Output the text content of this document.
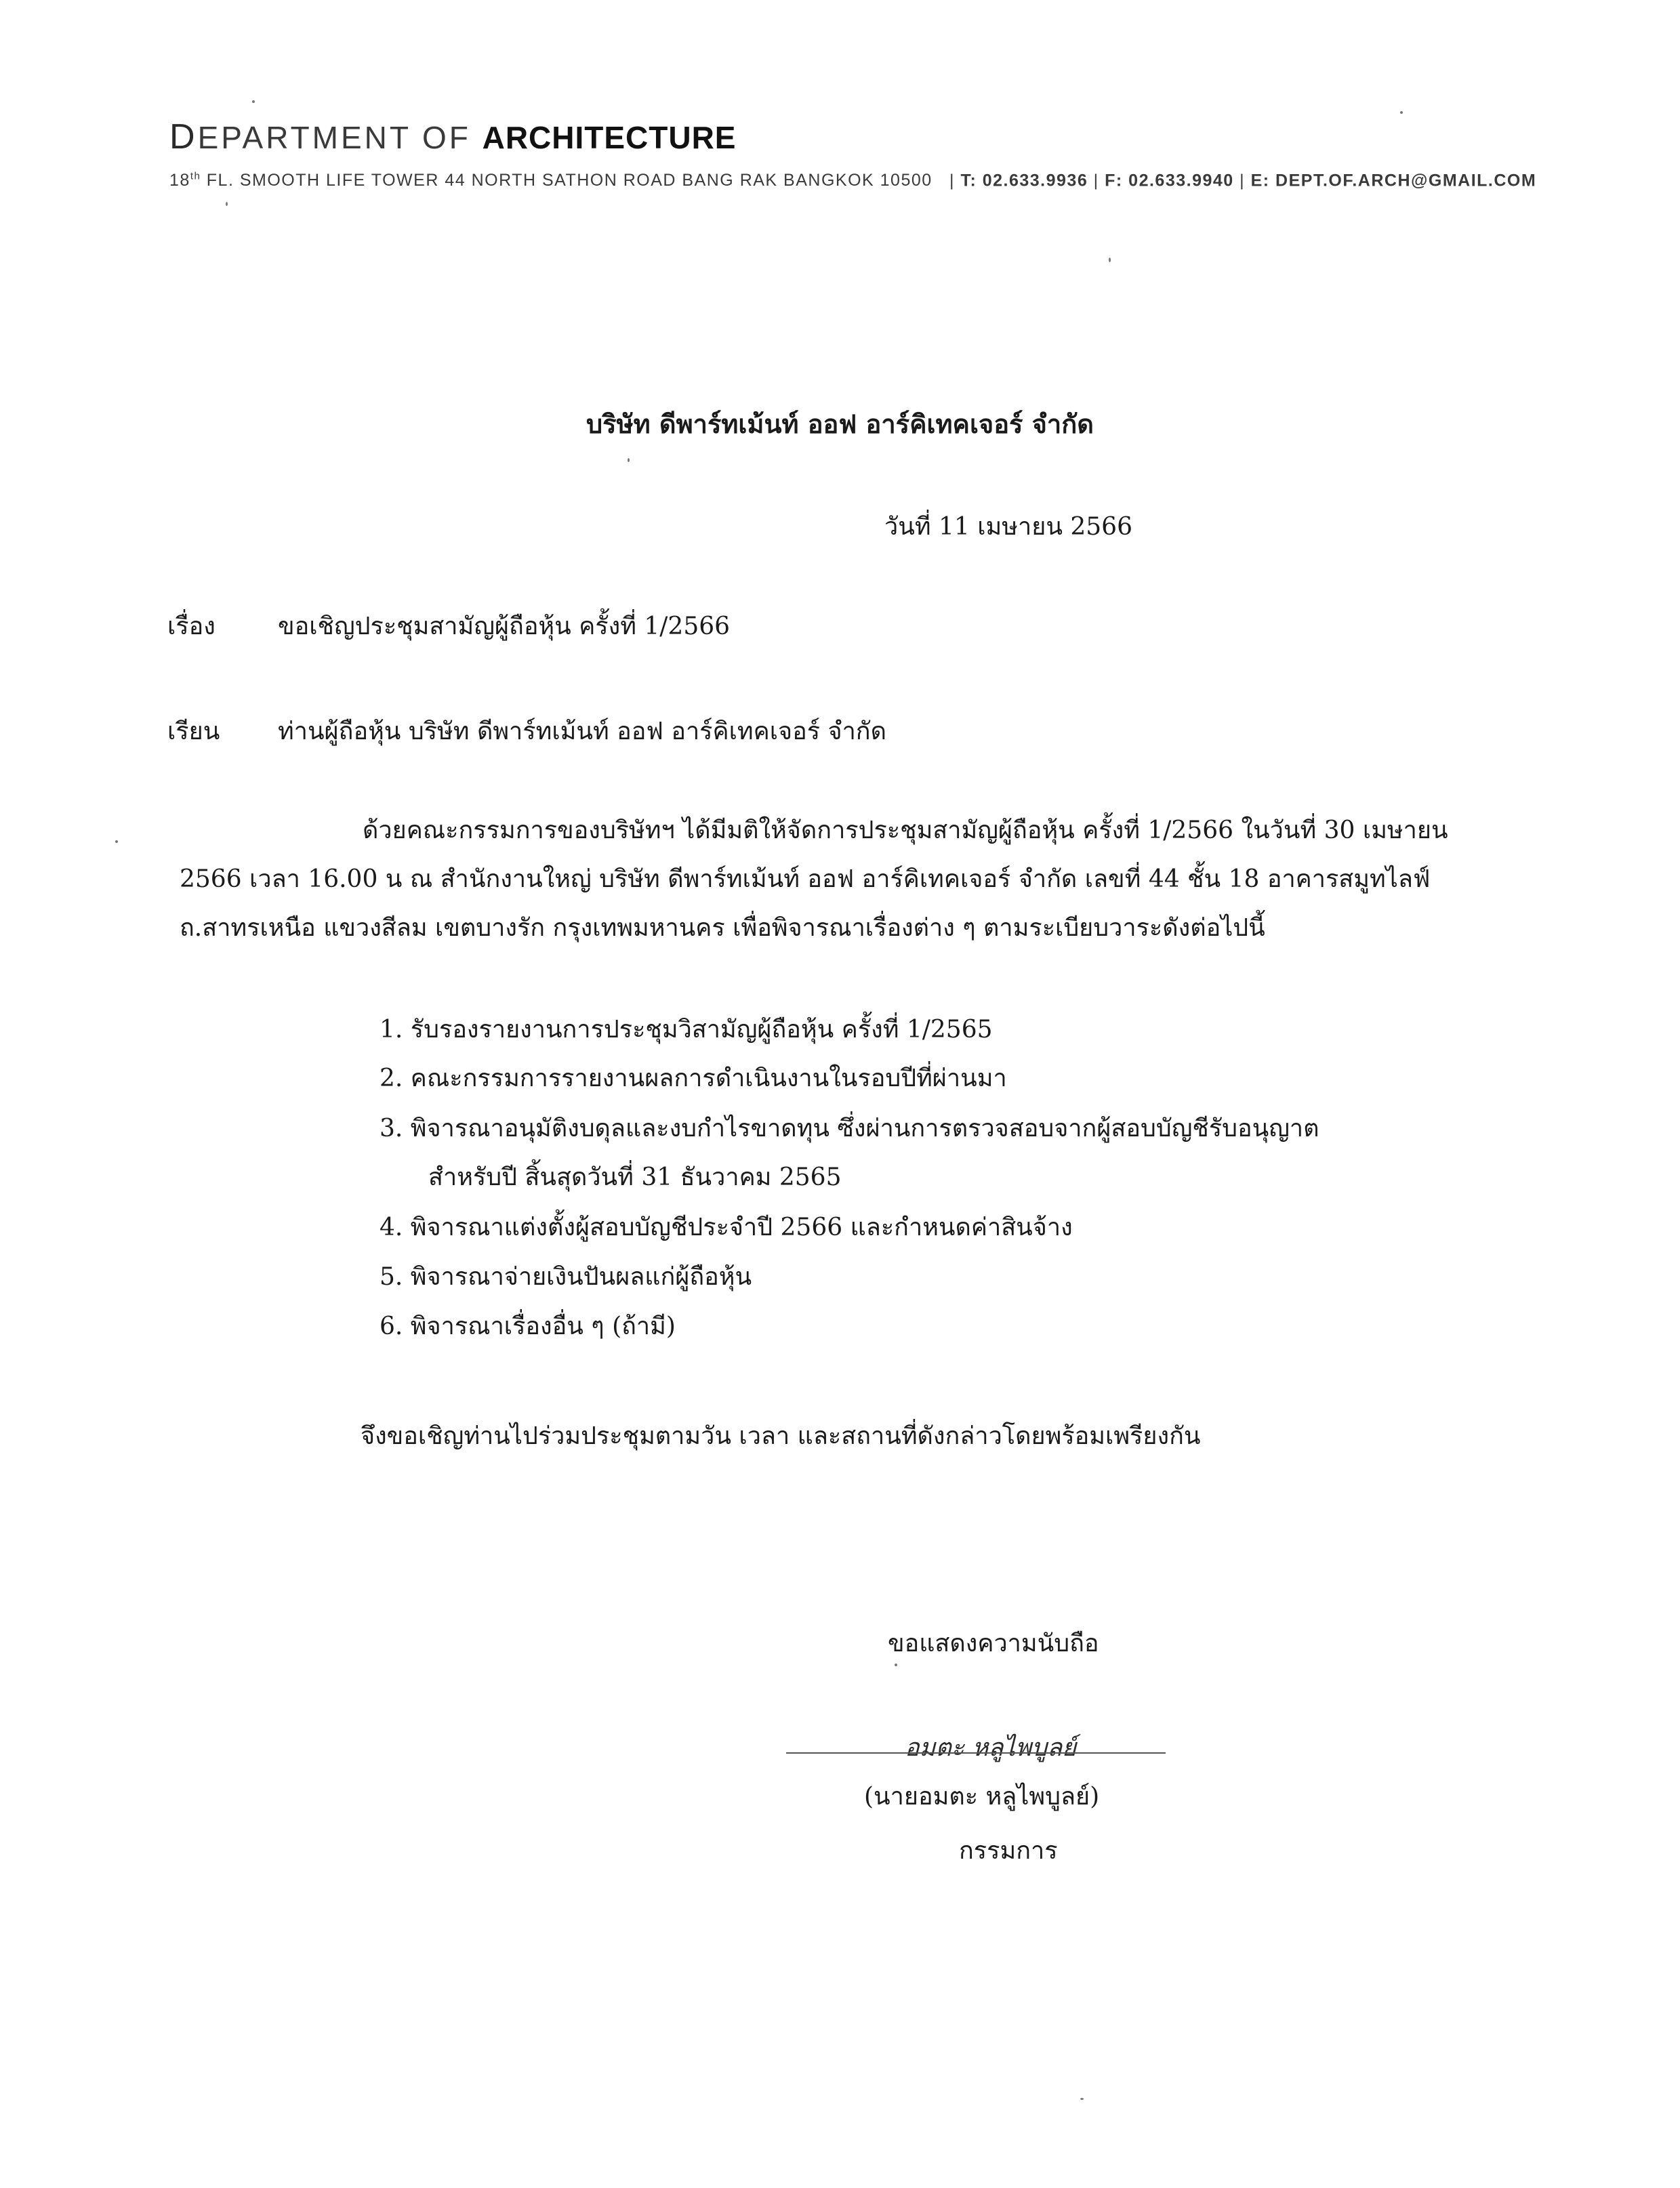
DEPARTMENT OF ARCHITECTURE
18th FL. SMOOTH LIFE TOWER 44 NORTH SATHON ROAD BANG RAK BANGKOK 10500   | T: 02.633.9936 | F: 02.633.9940 | E: DEPT.OF.ARCH@GMAIL.COM
บริษัท ดีพาร์ทเม้นท์ ออฟ อาร์คิเทคเจอร์ จำกัด
วันที่ 11 เมษายน 2566
เรื่อง	ขอเชิญประชุมสามัญผู้ถือหุ้น ครั้งที่ 1/2566
เรียน ท่านผู้ถือหุ้น บริษัท ดีพาร์ทเม้นท์ ออฟ อาร์คิเทคเจอร์ จำกัด
ด้วยคณะกรรมการของบริษัทฯ ได้มีมติให้จัดการประชุมสามัญผู้ถือหุ้น ครั้งที่ 1/2566 ในวันที่ 30 เมษายน 2566 เวลา 16.00 น ณ สำนักงานใหญ่ บริษัท ดีพาร์ทเม้นท์ ออฟ อาร์คิเทคเจอร์ จำกัด เลขที่ 44 ชั้น 18 อาคารสมูทไลฟ์ ถ.สาทรเหนือ แขวงสีลม เขตบางรัก กรุงเทพมหานคร เพื่อพิจารณาเรื่องต่าง ๆ ตามระเบียบวาระดังต่อไปนี้
1. รับรองรายงานการประชุมวิสามัญผู้ถือหุ้น ครั้งที่ 1/2565
2. คณะกรรมการรายงานผลการดำเนินงานในรอบปีที่ผ่านมา
3. พิจารณาอนุมัติงบดุลและงบกำไรขาดทุน ซึ่งผ่านการตรวจสอบจากผู้สอบบัญชีรับอนุญาต
สำหรับปี สิ้นสุดวันที่ 31 ธันวาคม 2565
4. พิจารณาแต่งตั้งผู้สอบบัญชีประจำปี 2566 และกำหนดค่าสินจ้าง
5. พิจารณาจ่ายเงินปันผลแก่ผู้ถือหุ้น
6. พิจารณาเรื่องอื่น ๆ (ถ้ามี)
จึงขอเชิญท่านไปร่วมประชุมตามวัน เวลา และสถานที่ดังกล่าวโดยพร้อมเพรียงกัน
ขอแสดงความนับถือ
อมตะ หลูไพบูลย์
(นายอมตะ หลูไพบูลย์)
กรรมการ
